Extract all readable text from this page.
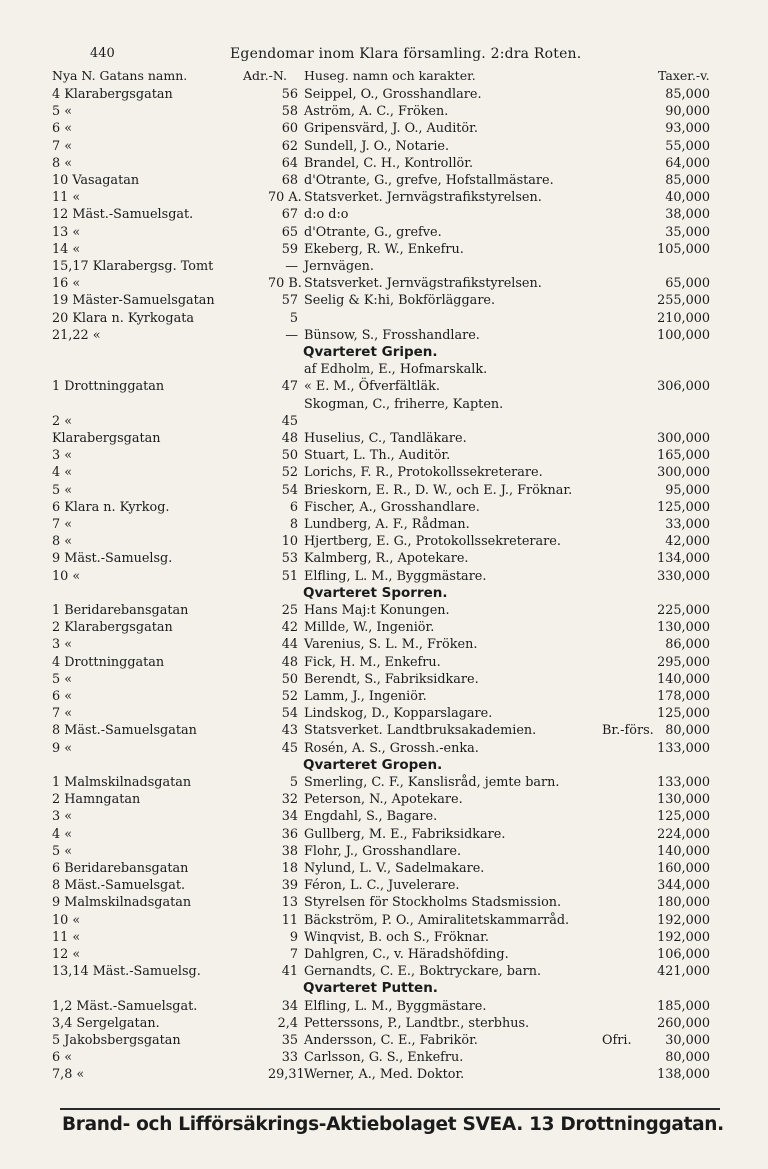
440	Egendomar inom Klara församling. 2:dra Roten.
Nya N. Gatans namn.	Adr.-N. Huseg. namn och karakter.	Taxer.-v.
4 Klarabergsgatan	56 Seippel, O., Grosshandlare.	85,000
5 «	58 Aström, A. C., Fröken.	90,000
6 «	60 Gripensvärd, J. O., Auditör.	93,000
7 «	62 Sundell, J. O., Notarie.	55,000
8 «	64 Brandel, C. H., Kontrollör.	64,000
10 Vasagatan	68 d'Otrante, G., grefve, Hofstallmästare.	85,000
11 «	70 A. Statsverket. Jernvägstrafikstyrelsen.	40,000
12 Mäst.-Samuelsgat.	67 d:o d:o	38,000
13 «	65 d'Otrante, G., grefve.	35,000
14 «	59 Ekeberg, R. W., Enkefru.	105,000
15,17 Klarabergsg. Tomt	— Jernvägen.
16 «	70 B. Statsverket. Jernvägstrafikstyrelsen.	65,000
19 Mäster-Samuelsgatan	57 Seelig & K:hi, Bokförläggare.	255,000
20 Klara n. Kyrkogata	5	210,000
21,22 «	— Bünsow, S., Frosshandlare.	100,000
Qvarteret Gripen.
af Edholm, E., Hofmarskalk.
1 Drottninggatan	47 « E. M., Öfverfältläk.	306,000
Skogman, C., friherre, Kapten.
2 «	45
Klarabergsgatan	48 Huselius, C., Tandläkare.	300,000
3 «	50 Stuart, L. Th., Auditör.	165,000
4 «	52 Lorichs, F. R., Protokollssekreterare.	300,000
5 «	54 Brieskorn, E. R., D. W., och E. J., Fröknar.	95,000
6 Klara n. Kyrkog.	6 Fischer, A., Grosshandlare.	125,000
7 «	8 Lundberg, A. F., Rådman.	33,000
8 «	10 Hjertberg, E. G., Protokollssekreterare.	42,000
9 Mäst.-Samuelsg.	53 Kalmberg, R., Apotekare.	134,000
10 «	51 Elfling, L. M., Byggmästare.	330,000
Qvarteret Sporren.
1 Beridarebansgatan	25 Hans Maj:t Konungen.	225,000
2 Klarabergsgatan	42 Millde, W., Ingeniör.	130,000
3 «	44 Varenius, S. L. M., Fröken.	86,000
4 Drottninggatan	48 Fick, H. M., Enkefru.	295,000
5 «	50 Berendt, S., Fabriksidkare.	140,000
6 «	52 Lamm, J., Ingeniör.	178,000
7 «	54 Lindskog, D., Kopparslagare.	125,000
8 Mäst.-Samuelsgatan	43 Statsverket. Landtbruksakademien.	Br.-förs. 80,000
9 «	45 Rosén, A. S., Grossh.-enka.	133,000
Qvarteret Gropen.
1 Malmskilnadsgatan	5 Smerling, C. F., Kanslisråd, jemte barn.	133,000
2 Hamngatan	32 Peterson, N., Apotekare.	130,000
3 «	34 Engdahl, S., Bagare.	125,000
4 «	36 Gullberg, M. E., Fabriksidkare.	224,000
5 «	38 Flohr, J., Grosshandlare.	140,000
6 Beridarebansgatan	18 Nylund, L. V., Sadelmakare.	160,000
8 Mäst.-Samuelsgat.	39 Féron, L. C., Juvelerare.	344,000
9 Malmskilnadsgatan	13 Styrelsen för Stockholms Stadsmission.	180,000
10 «	11 Bäckström, P. O., Amiralitetskammarråd.	192,000
11 «	9 Winqvist, B. och S., Fröknar.	192,000
12 «	7 Dahlgren, C., v. Häradshöfding.	106,000
13,14 Mäst.-Samuelsg.	41 Gernandts, C. E., Boktryckare, barn.	421,000
Qvarteret Putten.
1,2 Mäst.-Samuelsgat.	34 Elfling, L. M., Byggmästare.	185,000
3,4 Sergelgatan.	2,4 Petterssons, P., Landtbr., sterbhus.	260,000
5 Jakobsbergsgatan	35 Andersson, C. E., Fabrikör.	Ofri.	30,000
6 «	33 Carlsson, G. S., Enkefru.	80,000
7,8 «	29,31 Werner, A., Med. Doktor.	138,000
Brand- och Lifförsäkrings-Aktiebolaget SVEA. 13 Drottninggatan.
